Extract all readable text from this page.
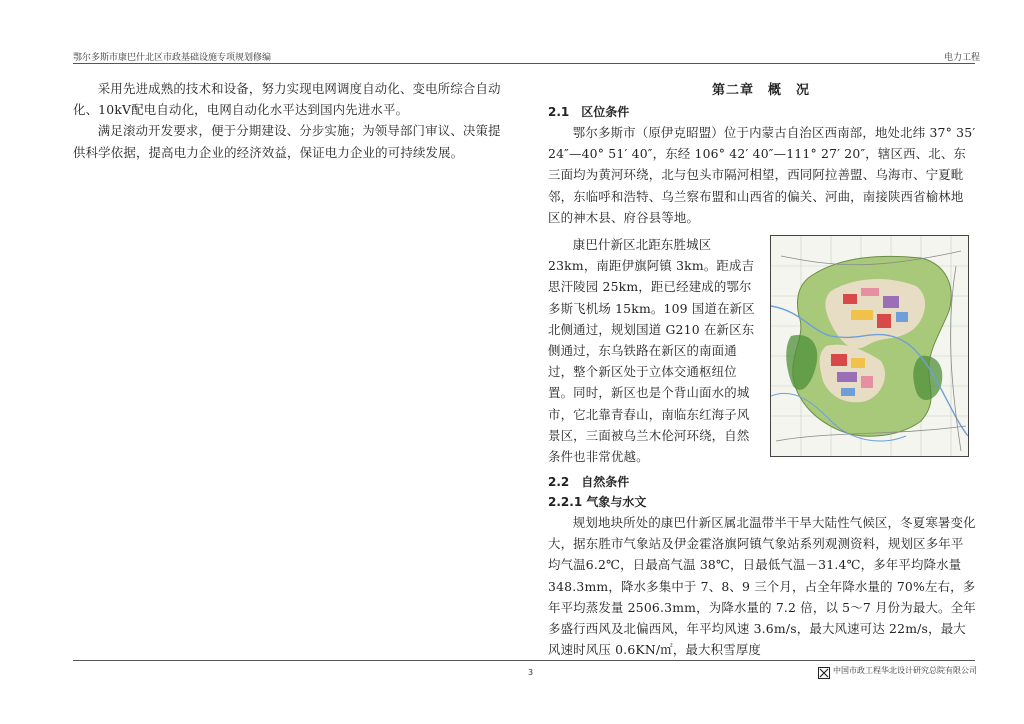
鄂尔多斯市康巴什北区市政基础设施专项规划修编	电力工程

采用先进成熟的技术和设备，努力实现电网调度自动化、变电所综合自动化、10kV配电自动化，电网自动化水平达到国内先进水平。

满足滚动开发要求，便于分期建设、分步实施；为领导部门审议、决策提供科学依据，提高电力企业的经济效益，保证电力企业的可持续发展。

第二章　概　况
2.1　区位条件

鄂尔多斯市（原伊克昭盟）位于内蒙古自治区西南部，地处北纬 37° 35′ 24″—40° 51′ 40″，东经 106° 42′ 40″—111° 27′ 20″，辖区西、北、东三面均为黄河环绕，北与包头市隔河相望，西同阿拉善盟、乌海市、宁夏毗邻，东临呼和浩特、乌兰察布盟和山西省的偏关、河曲，南接陕西省榆林地区的神木县、府谷县等地。

康巴什新区北距东胜城区 23km，南距伊旗阿镇 3km。距成吉思汗陵园 25km，距已经建成的鄂尔多斯飞机场 15km。109 国道在新区北侧通过，规划国道 G210 在新区东侧通过，东乌铁路在新区的南面通过，整个新区处于立体交通枢纽位置。同时，新区也是个背山面水的城市，它北靠青春山，南临东红海子风景区，三面被乌兰木伦河环绕，自然条件也非常优越。

2.2　自然条件
2.2.1 气象与水文

规划地块所处的康巴什新区属北温带半干旱大陆性气候区，冬夏寒暑变化大，据东胜市气象站及伊金霍洛旗阿镇气象站系列观测资料，规划区多年平均气温6.2℃，日最高气温 38℃，日最低气温－31.4℃，多年平均降水量 348.3mm，降水多集中于 7、8、9 三个月，占全年降水量的 70%左右，多年平均蒸发量 2506.3mm，为降水量的 7.2 倍，以 5～7 月份为最大。全年多盛行西风及北偏西风，年平均风速 3.6m/s，最大风速可达 22m/s，最大风速时风压 0.6KN/㎡，最大积雪厚度

3	中国市政工程华北设计研究总院有限公司
